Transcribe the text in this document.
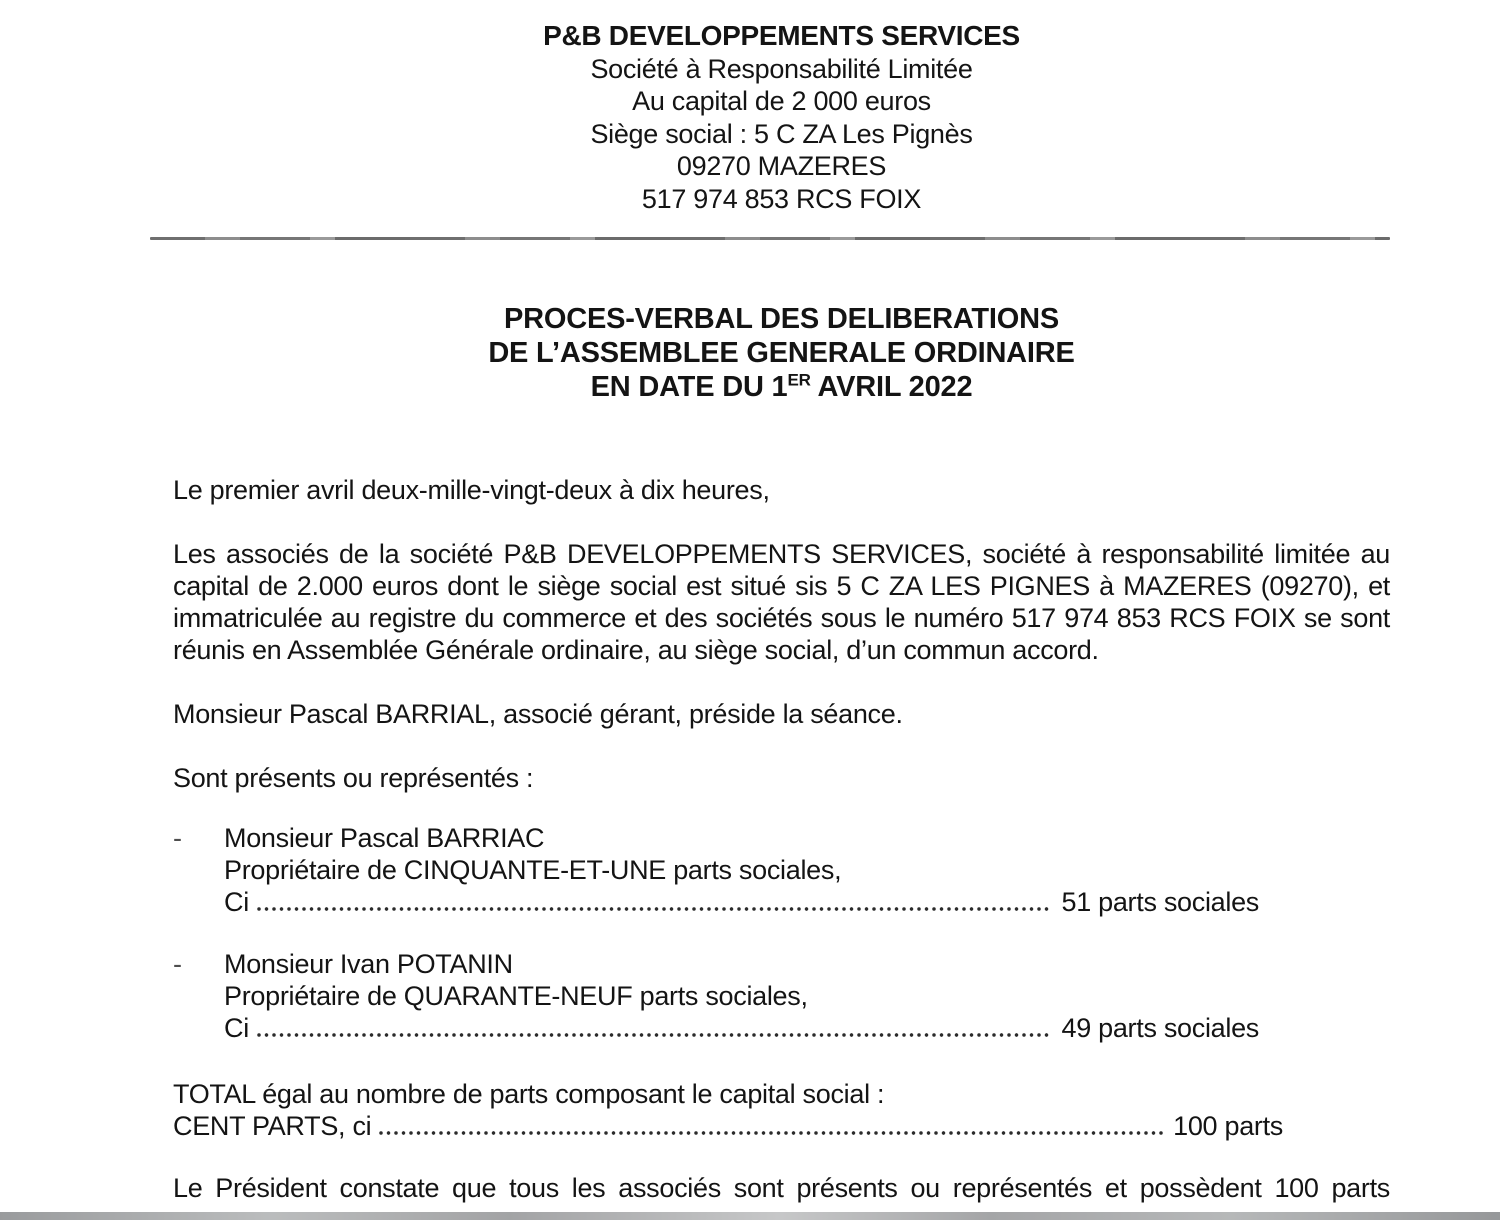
P&B DEVELOPPEMENTS SERVICES
Société à Responsabilité Limitée
Au capital de 2 000 euros
Siège social : 5 C ZA Les Pignès
09270 MAZERES
517 974 853 RCS FOIX
PROCES-VERBAL DES DELIBERATIONS
DE L’ASSEMBLEE GENERALE ORDINAIRE
EN DATE DU 1ER AVRIL 2022
Le premier avril deux-mille-vingt-deux à dix heures,
Les associés de la société P&B DEVELOPPEMENTS SERVICES, société à responsabilité limitée au capital de 2.000 euros dont le siège social est situé sis 5 C ZA LES PIGNES à MAZERES (09270), et immatriculée au registre du commerce et des sociétés sous le numéro 517 974 853 RCS FOIX se sont réunis en Assemblée Générale ordinaire, au siège social, d’un commun accord.
Monsieur Pascal BARRIAL, associé gérant, préside la séance.
Sont présents ou représentés :
-	Monsieur Pascal BARRIAC
Propriétaire de CINQUANTE-ET-UNE parts sociales,
Ci	51 parts sociales
-	Monsieur Ivan POTANIN
Propriétaire de QUARANTE-NEUF parts sociales,
Ci	49 parts sociales
TOTAL égal au nombre de parts composant le capital social :
CENT PARTS, ci	100 parts
Le Président constate que tous les associés sont présents ou représentés et possèdent 100 parts
